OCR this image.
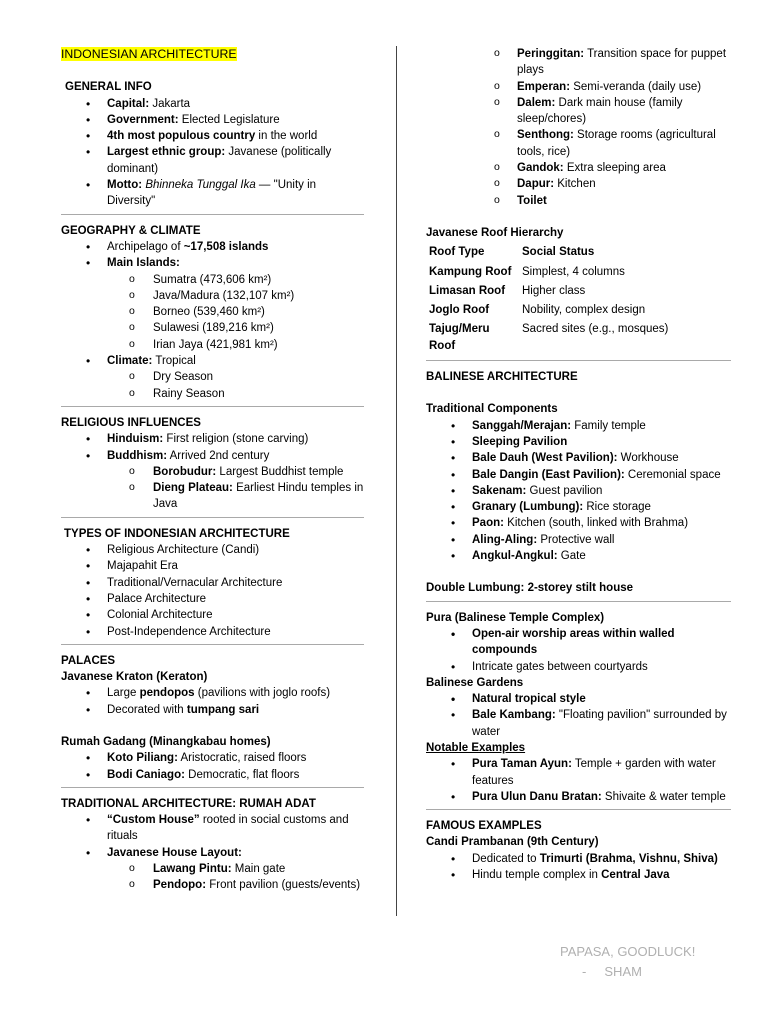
INDONESIAN ARCHITECTURE
GENERAL INFO
• Capital: Jakarta
• Government: Elected Legislature
• 4th most populous country in the world
• Largest ethnic group: Javanese (politically dominant)
• Motto: Bhinneka Tunggal Ika — "Unity in Diversity"
GEOGRAPHY & CLIMATE
• Archipelago of ~17,508 islands
• Main Islands:
o Sumatra (473,606 km²)
o Java/Madura (132,107 km²)
o Borneo (539,460 km²)
o Sulawesi (189,216 km²)
o Irian Jaya (421,981 km²)
• Climate: Tropical
o Dry Season
o Rainy Season
RELIGIOUS INFLUENCES
• Hinduism: First religion (stone carving)
• Buddhism: Arrived 2nd century
o Borobudur: Largest Buddhist temple
o Dieng Plateau: Earliest Hindu temples in Java
TYPES OF INDONESIAN ARCHITECTURE
• Religious Architecture (Candi)
• Majapahit Era
• Traditional/Vernacular Architecture
• Palace Architecture
• Colonial Architecture
• Post-Independence Architecture
PALACES
Javanese Kraton (Keraton)
• Large pendopos (pavilions with joglo roofs)
• Decorated with tumpang sari
Rumah Gadang (Minangkabau homes)
• Koto Piliang: Aristocratic, raised floors
• Bodi Caniago: Democratic, flat floors
TRADITIONAL ARCHITECTURE: RUMAH ADAT
• “Custom House” rooted in social customs and rituals
• Javanese House Layout:
o Lawang Pintu: Main gate
o Pendopo: Front pavilion (guests/events)
o Peringgitan: Transition space for puppet plays
o Emperan: Semi-veranda (daily use)
o Dalem: Dark main house (family sleep/chores)
o Senthong: Storage rooms (agricultural tools, rice)
o Gandok: Extra sleeping area
o Dapur: Kitchen
o Toilet
Javanese Roof Hierarchy
Roof Type	Social Status
Kampung Roof	Simplest, 4 columns
Limasan Roof	Higher class
Joglo Roof	Nobility, complex design
Tajug/Meru Roof	Sacred sites (e.g., mosques)
BALINESE ARCHITECTURE
Traditional Components
• Sanggah/Merajan: Family temple
• Sleeping Pavilion
• Bale Dauh (West Pavilion): Workhouse
• Bale Dangin (East Pavilion): Ceremonial space
• Sakenam: Guest pavilion
• Granary (Lumbung): Rice storage
• Paon: Kitchen (south, linked with Brahma)
• Aling-Aling: Protective wall
• Angkul-Angkul: Gate
Double Lumbung: 2-storey stilt house
Pura (Balinese Temple Complex)
• Open-air worship areas within walled compounds
• Intricate gates between courtyards
Balinese Gardens
• Natural tropical style
• Bale Kambang: "Floating pavilion" surrounded by water
Notable Examples
• Pura Taman Ayun: Temple + garden with water features
• Pura Ulun Danu Bratan: Shivaite & water temple
FAMOUS EXAMPLES
Candi Prambanan (9th Century)
• Dedicated to Trimurti (Brahma, Vishnu, Shiva)
• Hindu temple complex in Central Java
PAPASA, GOODLUCK!
-     SHAM
